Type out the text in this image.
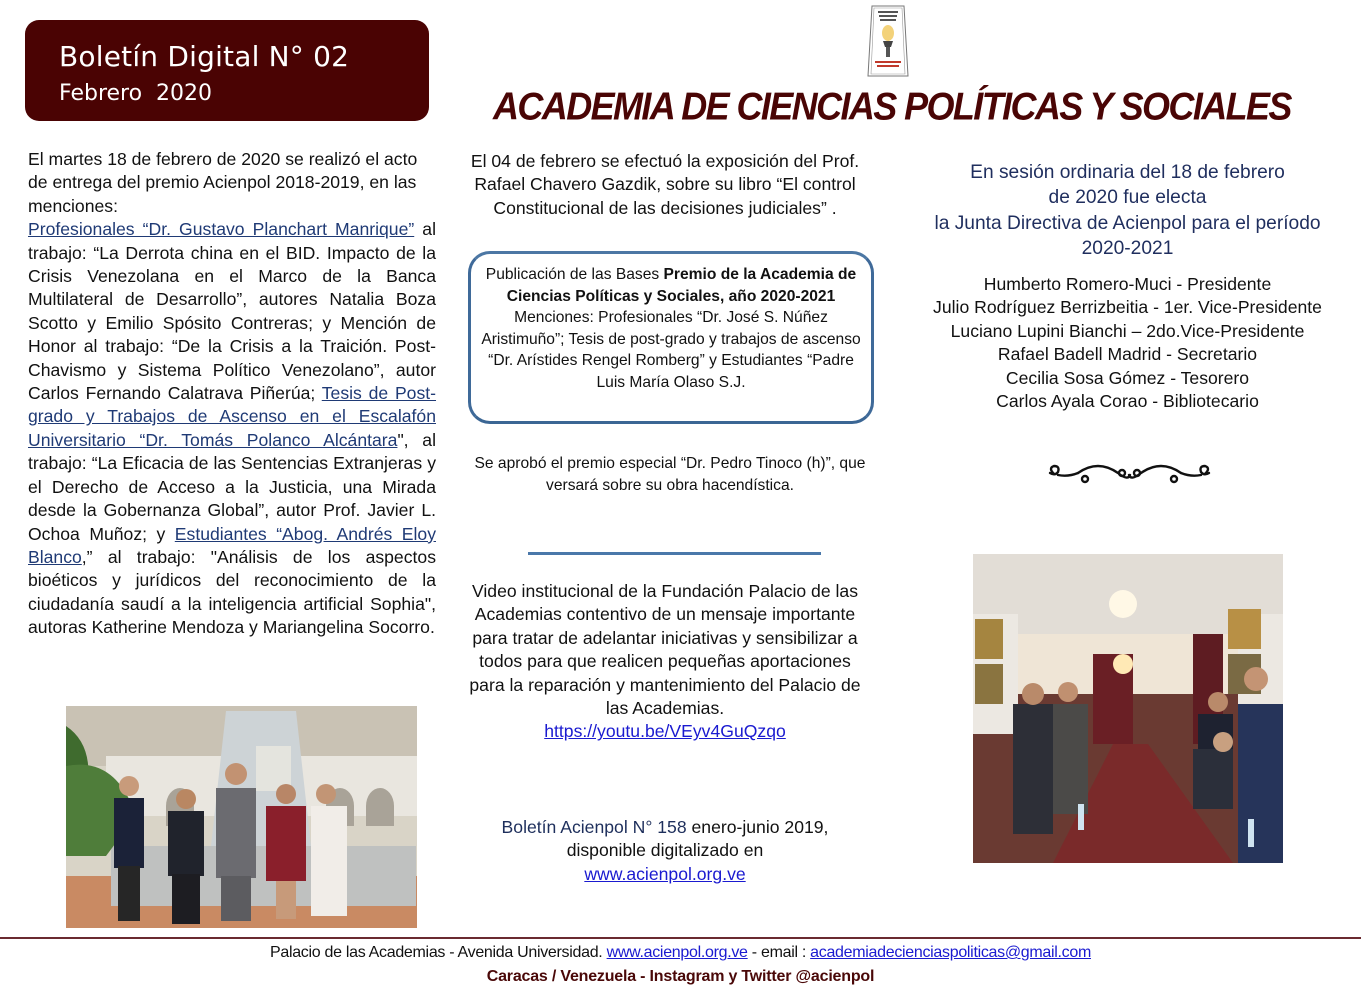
Boletín Digital N° 02
Febrero  2020	ACADEMIA DE CIENCIAS POLÍTICAS Y SOCIALES
El martes 18 de febrero de 2020 se realizó el acto de entrega del premio Acienpol 2018-2019, en las menciones:
Profesionales “Dr. Gustavo Planchart Manrique” al trabajo: “La Derrota china en el BID. Impacto de la Crisis Venezolana en el Marco de la Banca Multilateral de Desarrollo”, autores Natalia Boza Scotto y Emilio Spósito Contreras; y Mención de Honor al trabajo: “De la Crisis a la Traición. Post-Chavismo y Sistema Político Venezolano”, autor Carlos Fernando Calatrava Piñerúa; Tesis de Post-grado y Trabajos de Ascenso en el Escalafón Universitario “Dr. Tomás Polanco Alcántara", al trabajo: “La Eficacia de las Sentencias Extranjeras y el Derecho de Acceso a la Justicia, una Mirada desde la Gobernanza Global”, autor Prof. Javier L. Ochoa Muñoz; y Estudiantes “Abog. Andrés Eloy Blanco,” al trabajo: "Análisis de los aspectos bioéticos y jurídicos del reconocimiento de la ciudadanía saudí a la inteligencia artificial Sophia", autoras Katherine Mendoza y Mariangelina Socorro.
El 04 de febrero se efectuó la exposición del Prof. Rafael Chavero Gazdik, sobre su libro “El control Constitucional de las decisiones judiciales” .
Publicación de las Bases Premio de la Academia de Ciencias Políticas y Sociales, año 2020-2021
Menciones: Profesionales “Dr. José S. Núñez Aristimuño”; Tesis de post-grado y trabajos de ascenso “Dr. Arístides Rengel Romberg” y Estudiantes “Padre Luis María Olaso S.J.
Se aprobó el premio especial “Dr. Pedro Tinoco (h)”, que versará sobre su obra hacendística.
Video institucional de la Fundación Palacio de las Academias contentivo de un mensaje importante para tratar de adelantar iniciativas y sensibilizar a todos para que realicen pequeñas aportaciones para la reparación y mantenimiento del Palacio de las Academias.
https://youtu.be/VEyv4GuQzqo
Boletín Acienpol N° 158 enero-junio 2019, disponible digitalizado en
www.acienpol.org.ve
En sesión ordinaria del 18 de febrero
de 2020 fue electa
la Junta Directiva de Acienpol para el período
2020-2021
Humberto Romero-Muci - Presidente
Julio Rodríguez Berrizbeitia - 1er. Vice-Presidente
Luciano Lupini Bianchi – 2do.Vice-Presidente
Rafael Badell Madrid - Secretario
Cecilia Sosa Gómez - Tesorero
Carlos Ayala Corao - Bibliotecario
Palacio de las Academias - Avenida Universidad. www.acienpol.org.ve - email : academiadecienciaspoliticas@gmail.com
Caracas / Venezuela - Instagram y Twitter @acienpol
